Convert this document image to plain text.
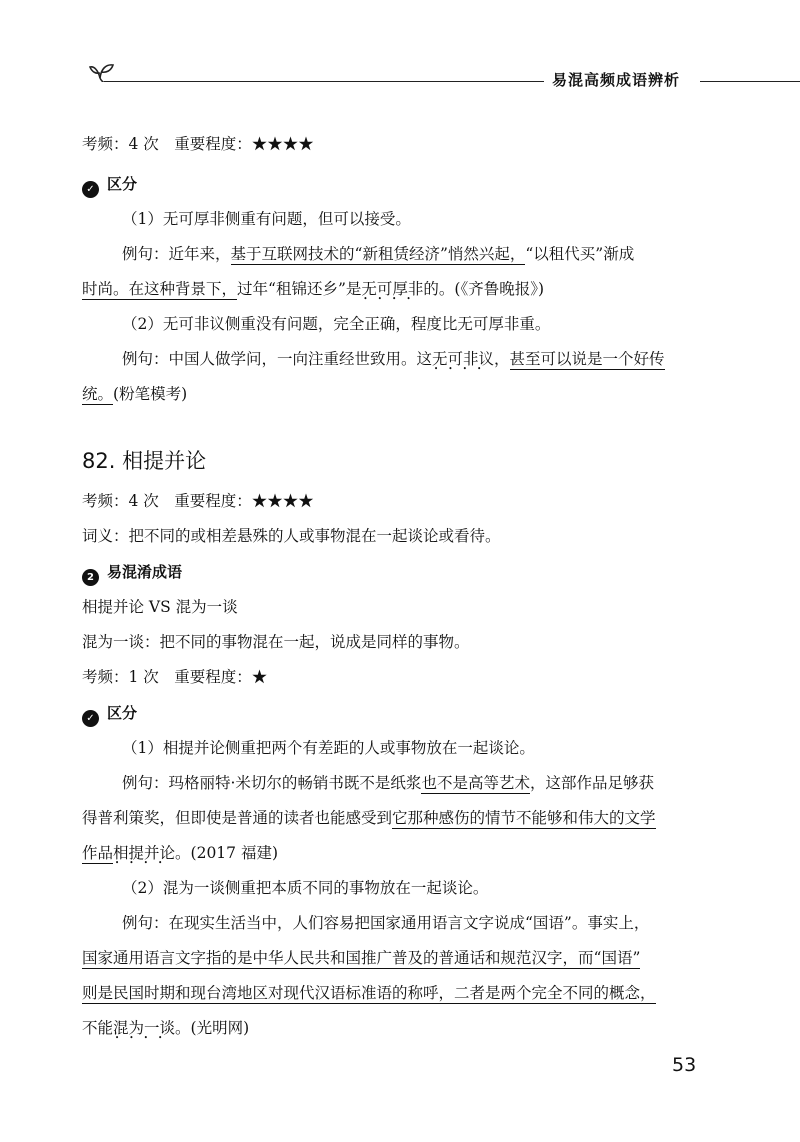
易混高频成语辨析

考频：4 次　重要程度：★★★★

✓ 区分

（1）无可厚非侧重有问题，但可以接受。

例句：近年来，基于互联网技术的“新租赁经济”悄然兴起，“以租代买”渐成

时尚。在这种背景下，过年“租锦还乡”是无可厚非 • • • •的。(《齐鲁晚报》)

（2）无可非议侧重没有问题，完全正确，程度比无可厚非重。

例句：中国人做学问，一向注重经世致用。这无可非议 • • • •，甚至可以说是一个好传

统。(粉笔模考)

82. 相提并论

考频：4 次　重要程度：★★★★

词义：把不同的或相差悬殊的人或事物混在一起谈论或看待。

2 易混淆成语

相提并论 VS 混为一谈

混为一谈：把不同的事物混在一起，说成是同样的事物。

考频：1 次　重要程度：★

✓ 区分

（1）相提并论侧重把两个有差距的人或事物放在一起谈论。

例句：玛格丽特·米切尔的畅销书既不是纸浆也不是高等艺术，这部作品足够获

得普利策奖，但即使是普通的读者也能感受到它那种感伤的情节不能够和伟大的文学

作品相提并论 • • • •。(2017 福建)

（2）混为一谈侧重把本质不同的事物放在一起谈论。

例句：在现实生活当中，人们容易把国家通用语言文字说成“国语”。事实上，

国家通用语言文字指的是中华人民共和国推广普及的普通话和规范汉字，而“国语”

则是民国时期和现台湾地区对现代汉语标准语的称呼，二者是两个完全不同的概念，

不能混为一谈 • • • •。(光明网)

53
